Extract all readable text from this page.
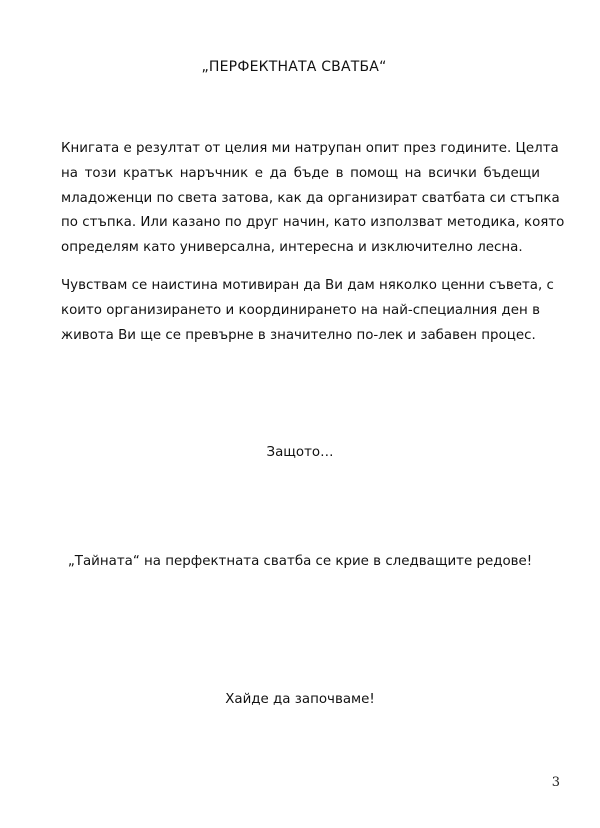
„ПЕРФЕКТНАТА СВАТБА“
Книгата е резултат от целия ми натрупан опит през годините. Целта
на този кратък наръчник е да бъде в помощ на всички бъдещи
младоженци по света затова, как да организират сватбата си стъпка
по стъпка. Или казано по друг начин, като използват методика, която
определям като универсална, интересна и изключително лесна.
Чувствам се наистина мотивиран да Ви дам няколко ценни съвета, с
които организирането и координирането на най-специалния ден в
живота Ви ще се превърне в значително по-лек и забавен процес.
Защото…
„Тайната“ на перфектната сватба се крие в следващите редове!
Хайде да започваме!
3
